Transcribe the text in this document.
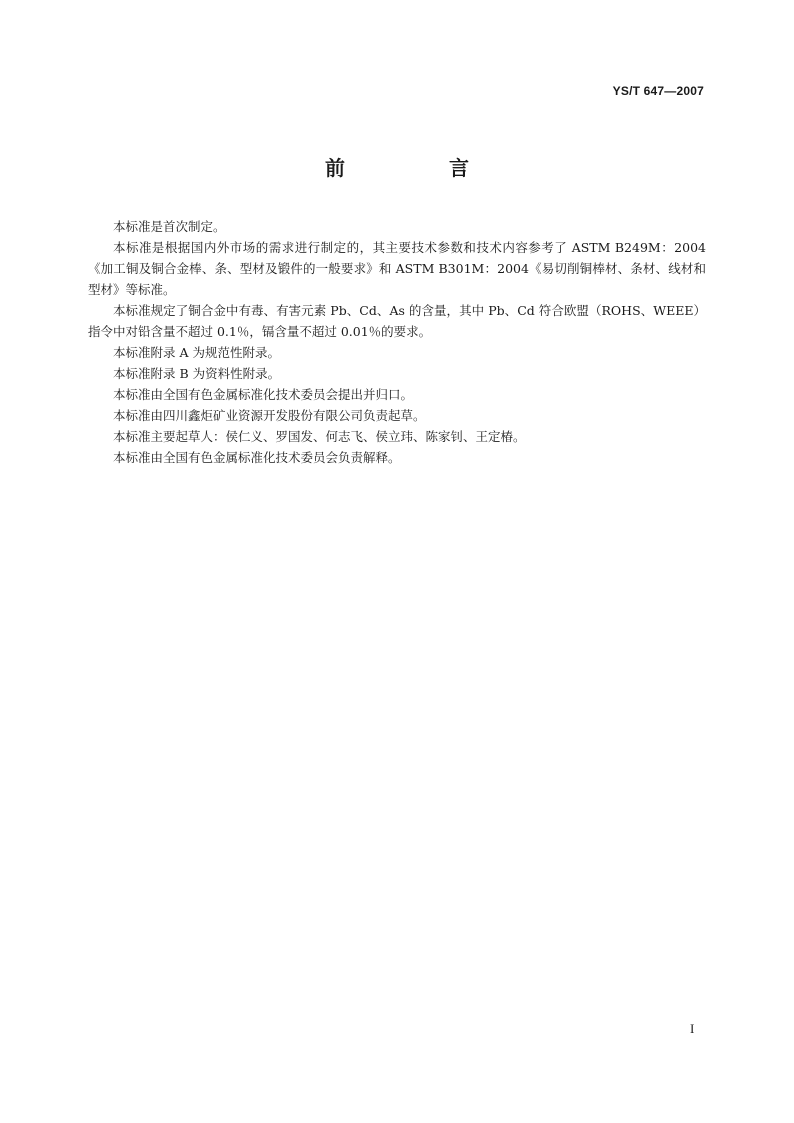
YS/T 647—2007
前　言

本标准是首次制定。

本标准是根据国内外市场的需求进行制定的，其主要技术参数和技术内容参考了 ASTM B249M：2004《加工铜及铜合金棒、条、型材及锻件的一般要求》和 ASTM B301M：2004《易切削铜棒材、条材、线材和型材》等标准。

本标准规定了铜合金中有毒、有害元素 Pb、Cd、As 的含量，其中 Pb、Cd 符合欧盟（ROHS、WEEE）指令中对铅含量不超过 0.1％，镉含量不超过 0.01％的要求。

本标准附录 A 为规范性附录。

本标准附录 B 为资料性附录。

本标准由全国有色金属标准化技术委员会提出并归口。

本标准由四川鑫炬矿业资源开发股份有限公司负责起草。

本标准主要起草人：侯仁义、罗国发、何志飞、侯立玮、陈家钊、王定椿。

本标准由全国有色金属标准化技术委员会负责解释。

I
